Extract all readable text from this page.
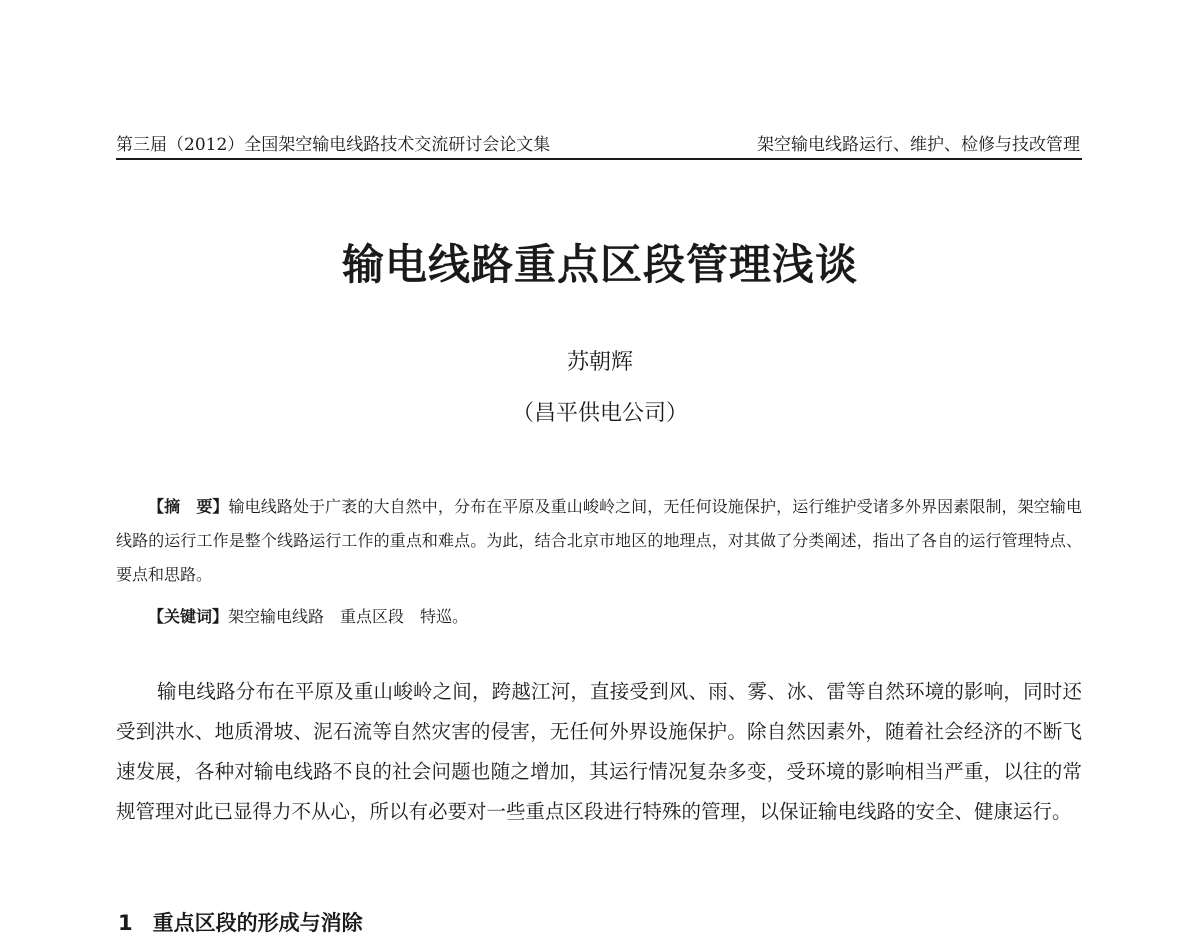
第三届（2012）全国架空输电线路技术交流研讨会论文集	架空输电线路运行、维护、检修与技改管理
输电线路重点区段管理浅谈
苏朝辉
（昌平供电公司）

【摘　要】输电线路处于广袤的大自然中，分布在平原及重山峻岭之间，无任何设施保护，运行维护受诸多外界因素限制，架空输电线路的运行工作是整个线路运行工作的重点和难点。为此，结合北京市地区的地理点，对其做了分类阐述，指出了各自的运行管理特点、要点和思路。

【关键词】架空输电线路 重点区段 特巡。

输电线路分布在平原及重山峻岭之间，跨越江河，直接受到风、雨、雾、冰、雷等自然环境的影响，同时还受到洪水、地质滑坡、泥石流等自然灾害的侵害，无任何外界设施保护。除自然因素外，随着社会经济的不断飞速发展，各种对输电线路不良的社会问题也随之增加，其运行情况复杂多变，受环境的影响相当严重，以往的常规管理对此已显得力不从心，所以有必要对一些重点区段进行特殊的管理，以保证输电线路的安全、健康运行。

1 重点区段的形成与消除
